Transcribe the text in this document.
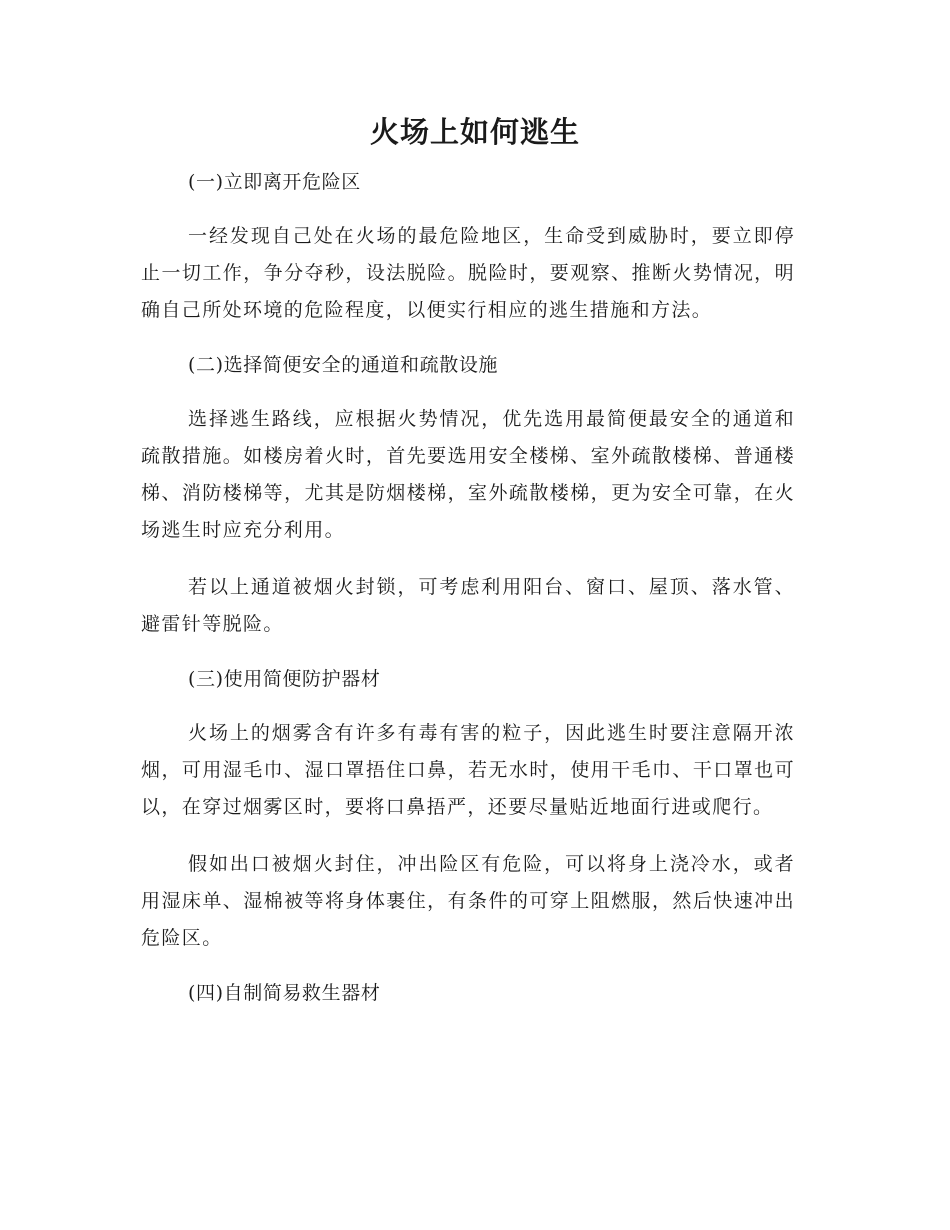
火场上如何逃生

(一)立即离开危险区

一经发现自己处在火场的最危险地区，生命受到威胁时，要立即停止一切工作，争分夺秒，设法脱险。脱险时，要观察、推断火势情况，明确自己所处环境的危险程度，以便实行相应的逃生措施和方法。

(二)选择简便安全的通道和疏散设施

选择逃生路线，应根据火势情况，优先选用最简便最安全的通道和疏散措施。如楼房着火时，首先要选用安全楼梯、室外疏散楼梯、普通楼梯、消防楼梯等，尤其是防烟楼梯，室外疏散楼梯，更为安全可靠，在火场逃生时应充分利用。

若以上通道被烟火封锁，可考虑利用阳台、窗口、屋顶、落水管、避雷针等脱险。

(三)使用简便防护器材

火场上的烟雾含有许多有毒有害的粒子，因此逃生时要注意隔开浓烟，可用湿毛巾、湿口罩捂住口鼻，若无水时，使用干毛巾、干口罩也可以，在穿过烟雾区时，要将口鼻捂严，还要尽量贴近地面行进或爬行。

假如出口被烟火封住，冲出险区有危险，可以将身上浇冷水，或者用湿床单、湿棉被等将身体裹住，有条件的可穿上阻燃服，然后快速冲出危险区。

(四)自制简易救生器材
